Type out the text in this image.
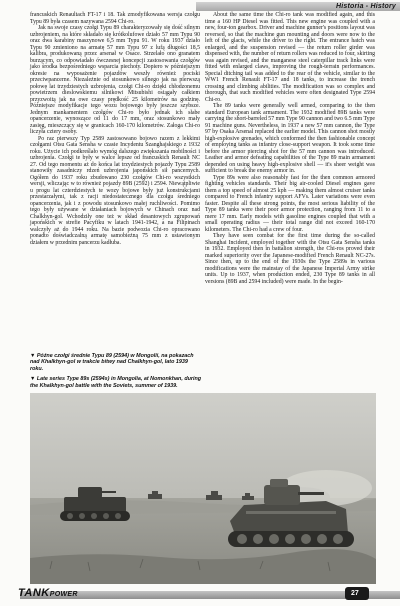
Historia - History

francuskich Renaultach FT-17 i 18. Tak zmodyfikowana wersja czołgu Typu 89 była czasem nazywana 2594 Chi-ro.

Jak na swoje czasy czołgi Typu 89 charakteryzowały się dość silnym uzbrojeniem, na które składało się krótkolufowe działo 57 mm Typu 90 oraz dwa karabiny maszynowe 6,5 mm Typu 91. W roku 1937 działo Typu 90 zmieniono na armatę 57 mm Typu 97 z lufą długości 18,5 kalibra, produkowaną przez arsenał w Osace. Strzelało ono granatem burzącym, co odpowiadało ówczesnej koncepcji zastosowania czołgów jako środka bezpośredniego wsparcia piechoty. Dopiero w późniejszym okresie na wyposażenie pojazdów weszły również pociski przeciwpancerne. Niezależnie od stosunkowo silnego jak na pierwszą połowę lat trzydziestych uzbrojenia, czołgi Chi-ro dzięki chłodzonemu powietrzem dieslowskiemu silnikowi Mitsubishi osiągały całkiem przyzwoitą jak na owe czasy prędkość 25 kilometrów na godzinę. Późniejsze modyfikacje tego wozu bojowego były jeszcze szybsze. Jednym mankamentem czołgów Chi-ro było jednak ich słabe opancerzenie, wynoszące od 11 do 17 mm, oraz stosunkowo mały zasięg, mieszczący się w granicach 160-170 kilometrów. Załoga Chi-ro liczyła cztery osoby.

Po raz pierwszy Typ 2589 zastosowano bojowo razem z lekkimi czołgami Otsu Gata Sensha w czasie Incydentu Szanghajskiego z 1932 roku. Użycie ich podkreślało wymóg dalszego zwiększania mobilności i uzbrojenia. Czołgi te były w walce lepsze od francuskich Renault NC 27. Od tego momentu aż do końca lat trzydziestych pojazdy Typu 2589 stanowiły zasadniczy rdzeń uzbrojenia japońskich sił pancernych. Ogółem do 1937 roku zbudowano 230 czołgów Chi-ro wszystkich wersji, wliczając w to również pojazdy 89B (2592) i 2594. Niewątpliwie u progu lat czterdziestych te wozy bojowe były już konstrukcjami przestarzałymi, tak z racji niedostatecznego dla czołgu średniego opancerzenia, jak i z powodu stosunkowo małej ruchliwości. Pomimo tego były używane w działaniach bojowych w Chinach oraz nad Chalkhyn-gol. Wchodziły one też w skład desantowych zgrupowań japońskich w strefie Pacyfiku w latach 1941-1942, a na Filipinach walczyły aż do 1944 roku. Na bazie podwozia Chi-ro opracowano ponadto doświadczalną armatę samobieżną 75 mm z ustawionym działem w przednim pancerzu kadłuba.

About the same time the Chi-ro tank was modified again, and this time a 160 HP Diesel was fitted. This new engine was coupled with a new, four-ton gearbox. Driver and machine gunner's positions layout was reversed, so that the machine gun mounting and doors were now to the left of the glacis, while the driver to the right. The entrance hatch was enlarged, and the suspension revised — the return roller girder was dispensed with, the number of return rollers was reduced to four, skirting was again revised, and the manganese steel caterpillar track links were fitted with enlarged claws, improving the rough-terrain performances. Special ditching tail was added to the rear of the vehicle, similar to the WW1 French Renault FT-17 and 18 tanks, to increase the trench crossing and climbing abilities. The modification was so complex and thorough, that such modified vehicles were often designated Type 2594 Chi-ro.

The 89 tanks were generally well armed, comparing to the then standard European tank armament. The 1932 modified 89B tanks were carrying the short-barreled 57 mm Type 90 cannon and two 6.5 mm Type 91 machine guns. Nevertheless, in 1937 a new 57 mm cannon, the Type 97 by Osaka Arsenal replaced the earlier model. This cannon shot mostly high-explosive grenades, which conformed the then fashionable concept of employing tanks as infantry close-support weapon. It took some time before the armor piercing shot for the 57 mm cannon was introduced. Leather and armor defeating capabilities of the Type 89 main armament depended on using heavy high-explosive shell — it's sheer weight was sufficient to break the enemy armor in.

Type 89s were also reasonably fast for the then common armored fighting vehicles standards. Their big air-cooled Diesel engines gave them a top speed of almost 25 kph — making them almost cruiser tanks compared to French infantry support AFVs. Later variations were even faster. Despite all these strong points, the most serious liability of the Type 89 tanks were their poor armor protection, ranging from 11 to a mere 17 mm. Early models with gasoline engines coupled that with a small operating radius — their total range did not exceed 160-170 kilometers. The Chi-ro had a crew of four.

They have seen combat for the first time during the so-called Shanghai Incident, employed together with the Otsu Gata Sensha tanks in 1932. Employed then in battalion strength, the Chi-ros proved their marked superiority over the Japanese-modified French Renault NC-27s. Since then, up to the end of the 1930s the Type 2589s in various modifications were the mainstay of the Japanese Imperial Army strike units. Up to 1937, when production ended, 230 Type 89 tanks in all versions (89B and 2594 included) were made. In the begin-

▼ Późne czołgi średnie Typu 89 (2594) w Mongolii, na pokazach nad Khalkhyn-gol w trakcie bitwy nad Chalkhyn-gol, lato 1939 roku.

▼ Late series Type 89s (2594s) in Mongolia, at Nomonkhan, during the Khalkhyn-gol battle with the Soviets, summer of 1939.

TANKPOWER	27
